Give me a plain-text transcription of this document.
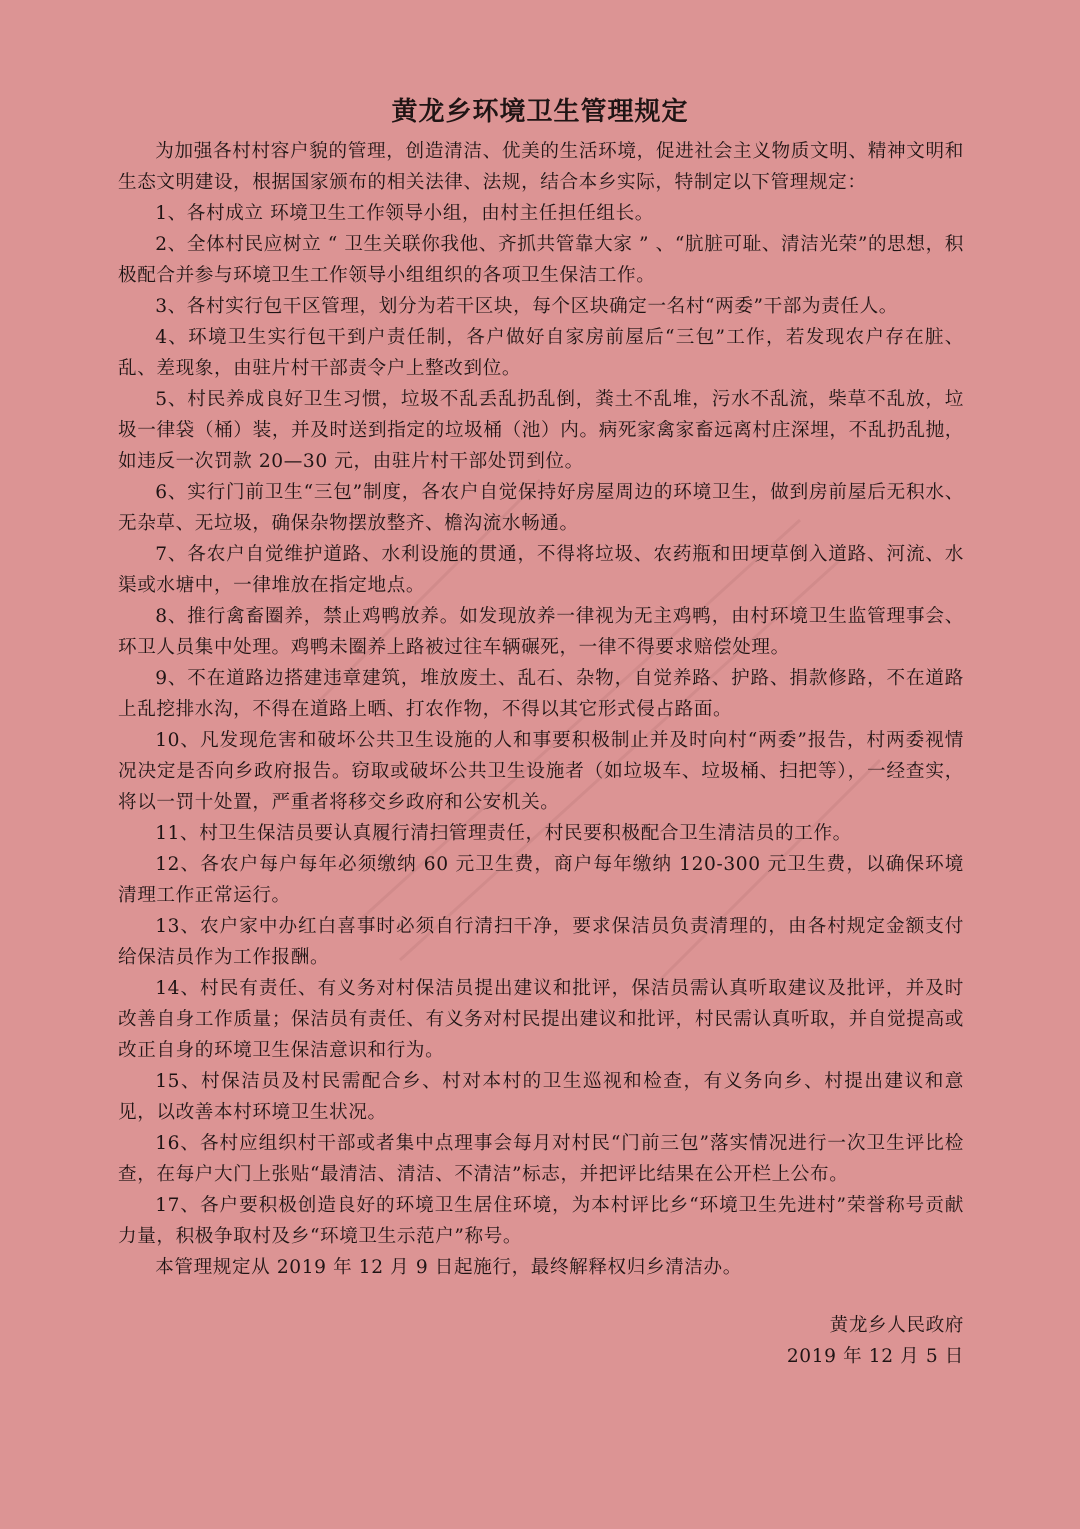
黄龙乡环境卫生管理规定

为加强各村村容户貌的管理，创造清洁、优美的生活环境，促进社会主义物质文明、精神文明和生态文明建设，根据国家颁布的相关法律、法规，结合本乡实际，特制定以下管理规定：

1、各村成立 环境卫生工作领导小组，由村主任担任组长。

2、全体村民应树立 “ 卫生关联你我他、齐抓共管靠大家 ” 、“肮脏可耻、清洁光荣”的思想，积极配合并参与环境卫生工作领导小组组织的各项卫生保洁工作。

3、各村实行包干区管理，划分为若干区块，每个区块确定一名村“两委”干部为责任人。

4、环境卫生实行包干到户责任制，各户做好自家房前屋后“三包”工作，若发现农户存在脏、乱、差现象，由驻片村干部责令户上整改到位。

5、村民养成良好卫生习惯，垃圾不乱丢乱扔乱倒，粪土不乱堆，污水不乱流，柴草不乱放，垃圾一律袋（桶）装，并及时送到指定的垃圾桶（池）内。病死家禽家畜远离村庄深埋，不乱扔乱抛，如违反一次罚款 20—30 元，由驻片村干部处罚到位。

6、实行门前卫生“三包”制度，各农户自觉保持好房屋周边的环境卫生，做到房前屋后无积水、无杂草、无垃圾，确保杂物摆放整齐、檐沟流水畅通。

7、各农户自觉维护道路、水利设施的贯通，不得将垃圾、农药瓶和田埂草倒入道路、河流、水渠或水塘中，一律堆放在指定地点。

8、推行禽畜圈养，禁止鸡鸭放养。如发现放养一律视为无主鸡鸭，由村环境卫生监管理事会、环卫人员集中处理。鸡鸭未圈养上路被过往车辆碾死，一律不得要求赔偿处理。

9、不在道路边搭建违章建筑，堆放废土、乱石、杂物，自觉养路、护路、捐款修路，不在道路上乱挖排水沟，不得在道路上晒、打农作物，不得以其它形式侵占路面。

10、凡发现危害和破坏公共卫生设施的人和事要积极制止并及时向村“两委”报告，村两委视情况决定是否向乡政府报告。窃取或破坏公共卫生设施者（如垃圾车、垃圾桶、扫把等），一经查实，将以一罚十处置，严重者将移交乡政府和公安机关。

11、村卫生保洁员要认真履行清扫管理责任，村民要积极配合卫生清洁员的工作。

12、各农户每户每年必须缴纳 60 元卫生费，商户每年缴纳 120-300 元卫生费，以确保环境清理工作正常运行。

13、农户家中办红白喜事时必须自行清扫干净，要求保洁员负责清理的，由各村规定金额支付给保洁员作为工作报酬。

14、村民有责任、有义务对村保洁员提出建议和批评，保洁员需认真听取建议及批评，并及时改善自身工作质量；保洁员有责任、有义务对村民提出建议和批评，村民需认真听取，并自觉提高或改正自身的环境卫生保洁意识和行为。

15、村保洁员及村民需配合乡、村对本村的卫生巡视和检查，有义务向乡、村提出建议和意见，以改善本村环境卫生状况。

16、各村应组织村干部或者集中点理事会每月对村民“门前三包”落实情况进行一次卫生评比检查，在每户大门上张贴“最清洁、清洁、不清洁”标志，并把评比结果在公开栏上公布。

17、各户要积极创造良好的环境卫生居住环境，为本村评比乡“环境卫生先进村”荣誉称号贡献力量，积极争取村及乡“环境卫生示范户”称号。

本管理规定从 2019 年 12 月 9 日起施行，最终解释权归乡清洁办。

黄龙乡人民政府
2019 年 12 月 5 日
